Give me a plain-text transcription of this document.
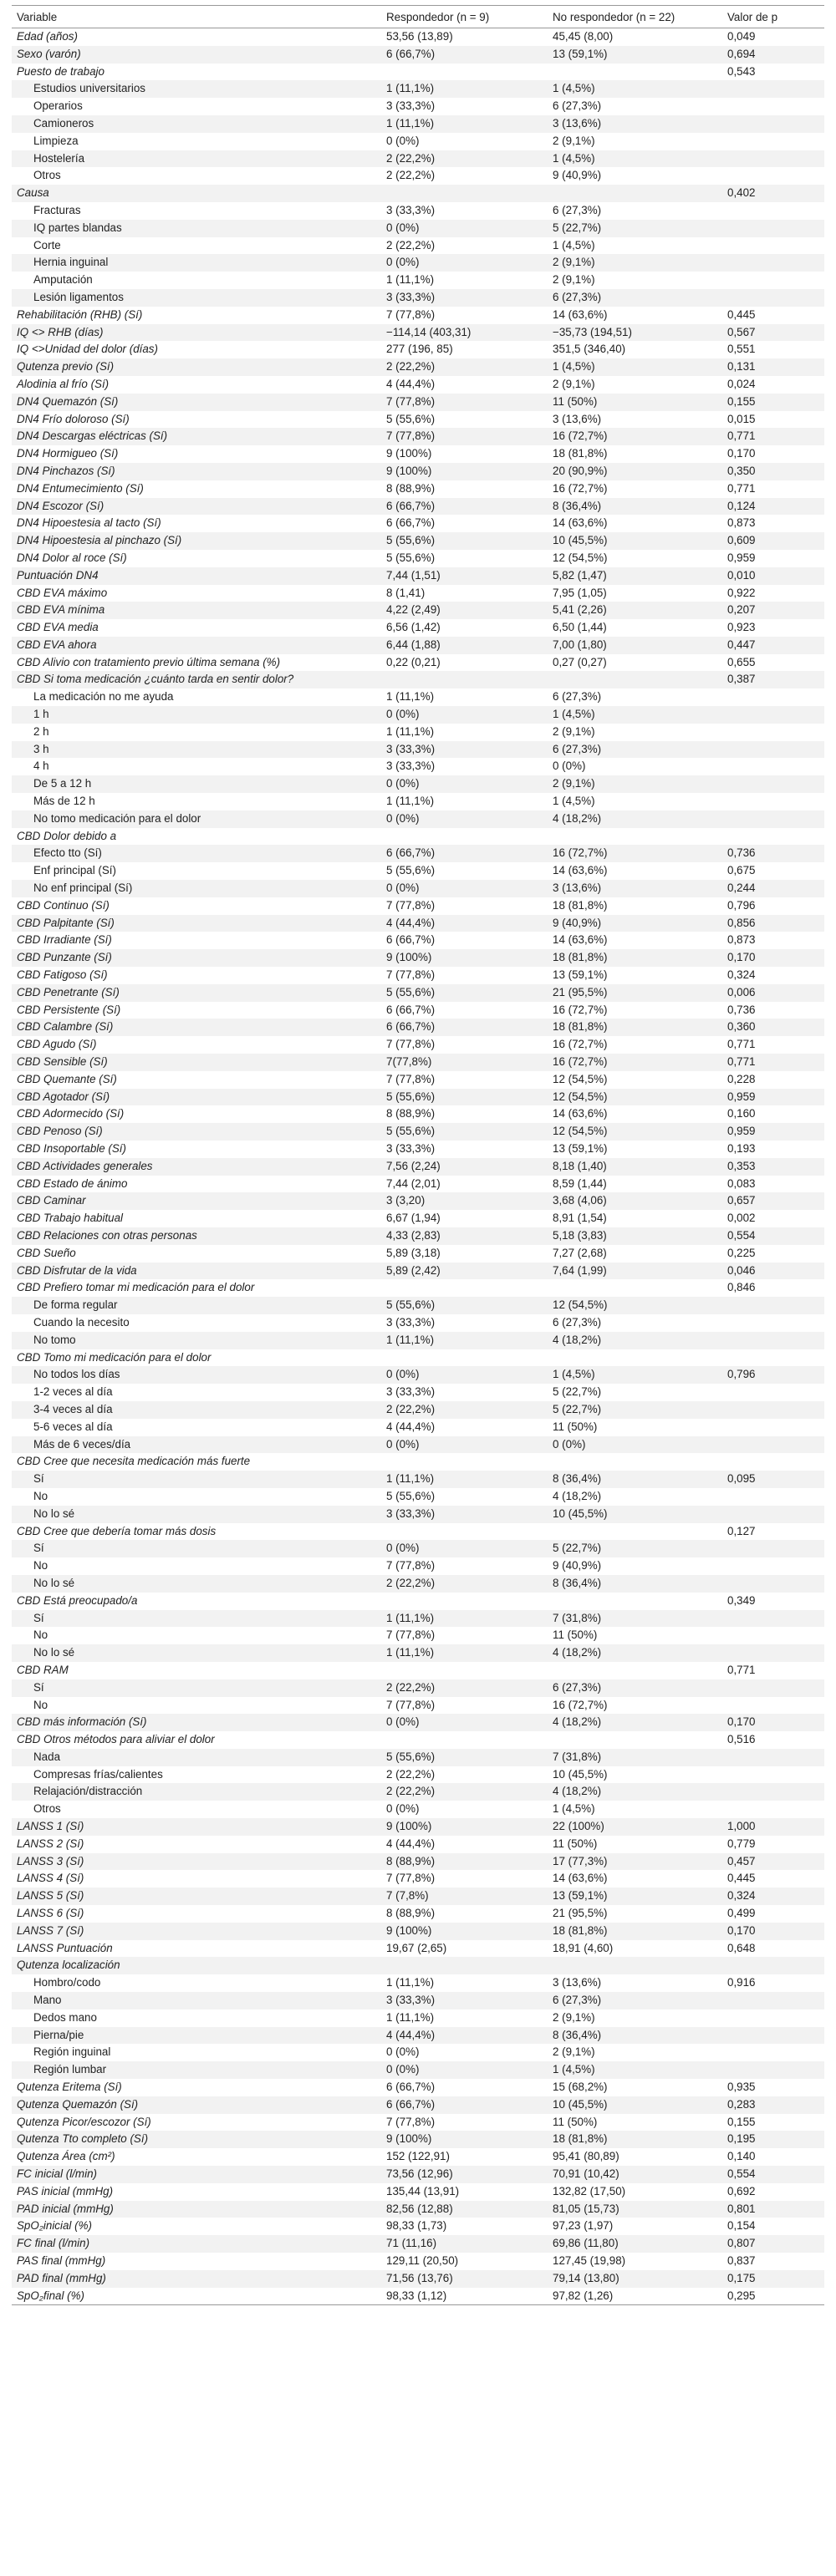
Variable	Respondedor (n = 9)	No respondedor (n = 22)	Valor de p
Edad (años)	53,56 (13,89)	45,45 (8,00)	0,049
Sexo (varón)	6 (66,7%)	13 (59,1%)	0,694
Puesto de trabajo			0,543
Estudios universitarios	1 (11,1%)	1 (4,5%)	
Operarios	3 (33,3%)	6 (27,3%)	
Camioneros	1 (11,1%)	3 (13,6%)	
Limpieza	0 (0%)	2 (9,1%)	
Hostelería	2 (22,2%)	1 (4,5%)	
Otros	2 (22,2%)	9 (40,9%)	
Causa			0,402
Fracturas	3 (33,3%)	6 (27,3%)	
IQ partes blandas	0 (0%)	5 (22,7%)	
Corte	2 (22,2%)	1 (4,5%)	
Hernia inguinal	0 (0%)	2 (9,1%)	
Amputación	1 (11,1%)	2 (9,1%)	
Lesión ligamentos	3 (33,3%)	6 (27,3%)	
Rehabilitación (RHB) (Sí)	7 (77,8%)	14 (63,6%)	0,445
IQ <> RHB (días)	−114,14 (403,31)	−35,73 (194,51)	0,567
IQ <>Unidad del dolor (días)	277 (196, 85)	351,5 (346,40)	0,551
Qutenza previo (Sí)	2 (22,2%)	1 (4,5%)	0,131
Alodinia al frío (Sí)	4 (44,4%)	2 (9,1%)	0,024
DN4 Quemazón (Sí)	7 (77,8%)	11 (50%)	0,155
DN4 Frío doloroso (Sí)	5 (55,6%)	3 (13,6%)	0,015
DN4 Descargas eléctricas (Sí)	7 (77,8%)	16 (72,7%)	0,771
DN4 Hormigueo (Sí)	9 (100%)	18 (81,8%)	0,170
DN4 Pinchazos (Sí)	9 (100%)	20 (90,9%)	0,350
DN4 Entumecimiento (Sí)	8 (88,9%)	16 (72,7%)	0,771
DN4 Escozor (Sí)	6 (66,7%)	8 (36,4%)	0,124
DN4 Hipoestesia al tacto (Sí)	6 (66,7%)	14 (63,6%)	0,873
DN4 Hipoestesia al pinchazo (Sí)	5 (55,6%)	10 (45,5%)	0,609
DN4 Dolor al roce (Sí)	5 (55,6%)	12 (54,5%)	0,959
Puntuación DN4	7,44 (1,51)	5,82 (1,47)	0,010
CBD EVA máximo	8 (1,41)	7,95 (1,05)	0,922
CBD EVA mínima	4,22 (2,49)	5,41 (2,26)	0,207
CBD EVA media	6,56 (1,42)	6,50 (1,44)	0,923
CBD EVA ahora	6,44 (1,88)	7,00 (1,80)	0,447
CBD Alivio con tratamiento previo última semana (%)	0,22 (0,21)	0,27 (0,27)	0,655
CBD Si toma medicación ¿cuánto tarda en sentir dolor?			0,387
La medicación no me ayuda	1 (11,1%)	6 (27,3%)	
1 h	0 (0%)	1 (4,5%)	
2 h	1 (11,1%)	2 (9,1%)	
3 h	3 (33,3%)	6 (27,3%)	
4 h	3 (33,3%)	0 (0%)	
De 5 a 12 h	0 (0%)	2 (9,1%)	
Más de 12 h	1 (11,1%)	1 (4,5%)	
No tomo medicación para el dolor	0 (0%)	4 (18,2%)	
CBD Dolor debido a			
Efecto tto (Sí)	6 (66,7%)	16 (72,7%)	0,736
Enf principal (Sí)	5 (55,6%)	14 (63,6%)	0,675
No enf principal (Sí)	0 (0%)	3 (13,6%)	0,244
CBD Continuo (Sí)	7 (77,8%)	18 (81,8%)	0,796
CBD Palpitante (Sí)	4 (44,4%)	9 (40,9%)	0,856
CBD Irradiante (Sí)	6 (66,7%)	14 (63,6%)	0,873
CBD Punzante (Sí)	9 (100%)	18 (81,8%)	0,170
CBD Fatigoso (Sí)	7 (77,8%)	13 (59,1%)	0,324
CBD Penetrante (Sí)	5 (55,6%)	21 (95,5%)	0,006
CBD Persistente (Sí)	6 (66,7%)	16 (72,7%)	0,736
CBD Calambre (Sí)	6 (66,7%)	18 (81,8%)	0,360
CBD Agudo (Sí)	7 (77,8%)	16 (72,7%)	0,771
CBD Sensible (Sí)	7(77,8%)	16 (72,7%)	0,771
CBD Quemante (Sí)	7 (77,8%)	12 (54,5%)	0,228
CBD Agotador (Sí)	5 (55,6%)	12 (54,5%)	0,959
CBD Adormecido (Sí)	8 (88,9%)	14 (63,6%)	0,160
CBD Penoso (Sí)	5 (55,6%)	12 (54,5%)	0,959
CBD Insoportable (Sí)	3 (33,3%)	13 (59,1%)	0,193
CBD Actividades generales	7,56 (2,24)	8,18 (1,40)	0,353
CBD Estado de ánimo	7,44 (2,01)	8,59 (1,44)	0,083
CBD Caminar	3 (3,20)	3,68 (4,06)	0,657
CBD Trabajo habitual	6,67 (1,94)	8,91 (1,54)	0,002
CBD Relaciones con otras personas	4,33 (2,83)	5,18 (3,83)	0,554
CBD Sueño	5,89 (3,18)	7,27 (2,68)	0,225
CBD Disfrutar de la vida	5,89 (2,42)	7,64 (1,99)	0,046
CBD Prefiero tomar mi medicación para el dolor			0,846
De forma regular	5 (55,6%)	12 (54,5%)	
Cuando la necesito	3 (33,3%)	6 (27,3%)	
No tomo	1 (11,1%)	4 (18,2%)	
CBD Tomo mi medicación para el dolor			
No todos los días	0 (0%)	1 (4,5%)	0,796
1-2 veces al día	3 (33,3%)	5 (22,7%)	
3-4 veces al día	2 (22,2%)	5 (22,7%)	
5-6 veces al día	4 (44,4%)	11 (50%)	
Más de 6 veces/día	0 (0%)	0 (0%)	
CBD Cree que necesita medicación más fuerte			
Sí	1 (11,1%)	8 (36,4%)	0,095
No	5 (55,6%)	4 (18,2%)	
No lo sé	3 (33,3%)	10 (45,5%)	
CBD Cree que debería tomar más dosis			0,127
Sí	0 (0%)	5 (22,7%)	
No	7 (77,8%)	9 (40,9%)	
No lo sé	2 (22,2%)	8 (36,4%)	
CBD Está preocupado/a			0,349
Sí	1 (11,1%)	7 (31,8%)	
No	7 (77,8%)	11 (50%)	
No lo sé	1 (11,1%)	4 (18,2%)	
CBD RAM			0,771
Sí	2 (22,2%)	6 (27,3%)	
No	7 (77,8%)	16 (72,7%)	
CBD más información (Sí)	0 (0%)	4 (18,2%)	0,170
CBD Otros métodos para aliviar el dolor			0,516
Nada	5 (55,6%)	7 (31,8%)	
Compresas frías/calientes	2 (22,2%)	10 (45,5%)	
Relajación/distracción	2 (22,2%)	4 (18,2%)	
Otros	0 (0%)	1 (4,5%)	
LANSS 1 (Sí)	9 (100%)	22 (100%)	1,000
LANSS 2 (Sí)	4 (44,4%)	11 (50%)	0,779
LANSS 3 (Sí)	8 (88,9%)	17 (77,3%)	0,457
LANSS 4 (Sí)	7 (77,8%)	14 (63,6%)	0,445
LANSS 5 (Sí)	7 (7,8%)	13 (59,1%)	0,324
LANSS 6 (Sí)	8 (88,9%)	21 (95,5%)	0,499
LANSS 7 (Sí)	9 (100%)	18 (81,8%)	0,170
LANSS Puntuación	19,67 (2,65)	18,91 (4,60)	0,648
Qutenza localización			
Hombro/codo	1 (11,1%)	3 (13,6%)	0,916
Mano	3 (33,3%)	6 (27,3%)	
Dedos mano	1 (11,1%)	2 (9,1%)	
Pierna/pie	4 (44,4%)	8 (36,4%)	
Región inguinal	0 (0%)	2 (9,1%)	
Región lumbar	0 (0%)	1 (4,5%)	
Qutenza Eritema (Sí)	6 (66,7%)	15 (68,2%)	0,935
Qutenza Quemazón (Sí)	6 (66,7%)	10 (45,5%)	0,283
Qutenza Picor/escozor (Sí)	7 (77,8%)	11 (50%)	0,155
Qutenza Tto completo (Sí)	9 (100%)	18 (81,8%)	0,195
Qutenza Área (cm²)	152 (122,91)	95,41 (80,89)	0,140
FC inicial (l/min)	73,56 (12,96)	70,91 (10,42)	0,554
PAS inicial (mmHg)	135,44 (13,91)	132,82 (17,50)	0,692
PAD inicial (mmHg)	82,56 (12,88)	81,05 (15,73)	0,801
SpO₂inicial (%)	98,33 (1,73)	97,23 (1,97)	0,154
FC final (l/min)	71 (11,16)	69,86 (11,80)	0,807
PAS final (mmHg)	129,11 (20,50)	127,45 (19,98)	0,837
PAD final (mmHg)	71,56 (13,76)	79,14 (13,80)	0,175
SpO₂final (%)	98,33 (1,12)	97,82 (1,26)	0,295
